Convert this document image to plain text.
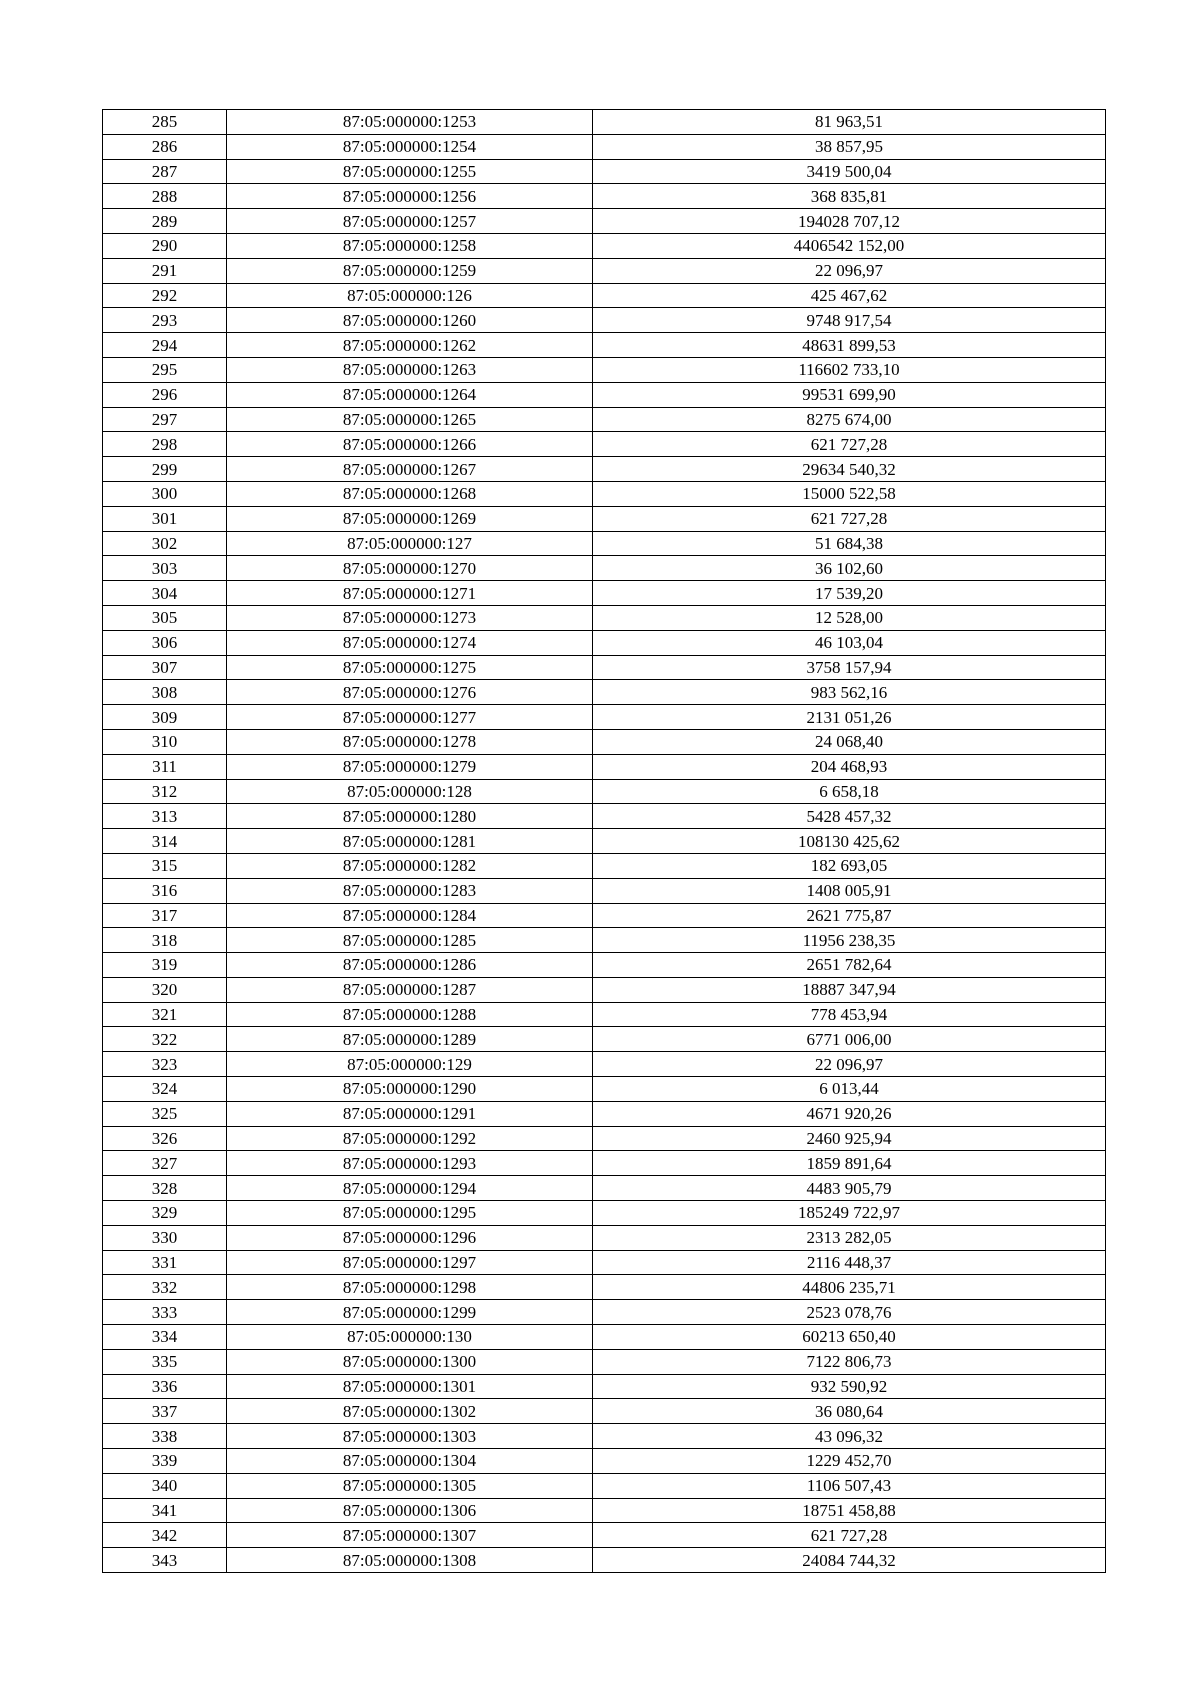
285	87:05:000000:1253	81 963,51
286	87:05:000000:1254	38 857,95
287	87:05:000000:1255	3419 500,04
288	87:05:000000:1256	368 835,81
289	87:05:000000:1257	194028 707,12
290	87:05:000000:1258	4406542 152,00
291	87:05:000000:1259	22 096,97
292	87:05:000000:126	425 467,62
293	87:05:000000:1260	9748 917,54
294	87:05:000000:1262	48631 899,53
295	87:05:000000:1263	116602 733,10
296	87:05:000000:1264	99531 699,90
297	87:05:000000:1265	8275 674,00
298	87:05:000000:1266	621 727,28
299	87:05:000000:1267	29634 540,32
300	87:05:000000:1268	15000 522,58
301	87:05:000000:1269	621 727,28
302	87:05:000000:127	51 684,38
303	87:05:000000:1270	36 102,60
304	87:05:000000:1271	17 539,20
305	87:05:000000:1273	12 528,00
306	87:05:000000:1274	46 103,04
307	87:05:000000:1275	3758 157,94
308	87:05:000000:1276	983 562,16
309	87:05:000000:1277	2131 051,26
310	87:05:000000:1278	24 068,40
311	87:05:000000:1279	204 468,93
312	87:05:000000:128	6 658,18
313	87:05:000000:1280	5428 457,32
314	87:05:000000:1281	108130 425,62
315	87:05:000000:1282	182 693,05
316	87:05:000000:1283	1408 005,91
317	87:05:000000:1284	2621 775,87
318	87:05:000000:1285	11956 238,35
319	87:05:000000:1286	2651 782,64
320	87:05:000000:1287	18887 347,94
321	87:05:000000:1288	778 453,94
322	87:05:000000:1289	6771 006,00
323	87:05:000000:129	22 096,97
324	87:05:000000:1290	6 013,44
325	87:05:000000:1291	4671 920,26
326	87:05:000000:1292	2460 925,94
327	87:05:000000:1293	1859 891,64
328	87:05:000000:1294	4483 905,79
329	87:05:000000:1295	185249 722,97
330	87:05:000000:1296	2313 282,05
331	87:05:000000:1297	2116 448,37
332	87:05:000000:1298	44806 235,71
333	87:05:000000:1299	2523 078,76
334	87:05:000000:130	60213 650,40
335	87:05:000000:1300	7122 806,73
336	87:05:000000:1301	932 590,92
337	87:05:000000:1302	36 080,64
338	87:05:000000:1303	43 096,32
339	87:05:000000:1304	1229 452,70
340	87:05:000000:1305	1106 507,43
341	87:05:000000:1306	18751 458,88
342	87:05:000000:1307	621 727,28
343	87:05:000000:1308	24084 744,32
